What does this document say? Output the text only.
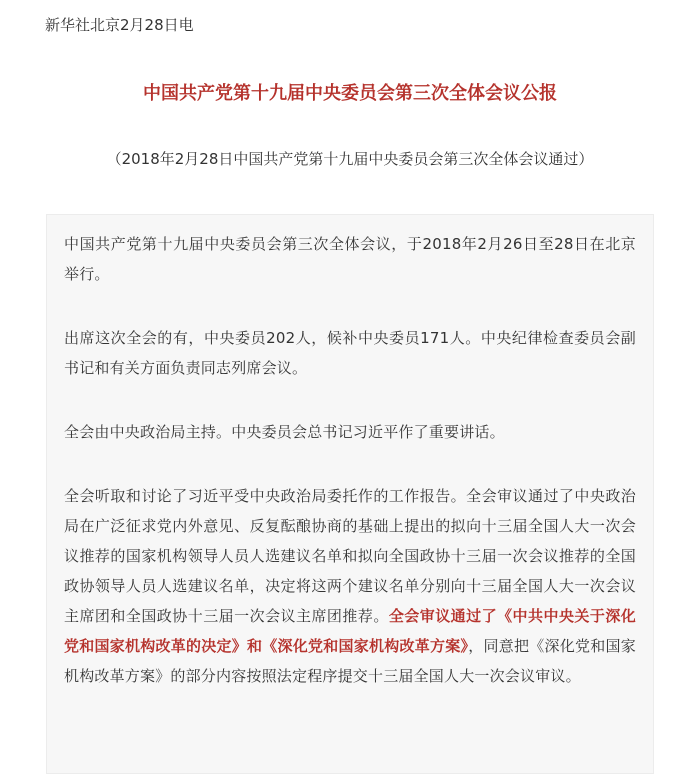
新华社北京2月28日电
中国共产党第十九届中央委员会第三次全体会议公报
（2018年2月28日中国共产党第十九届中央委员会第三次全体会议通过）

中国共产党第十九届中央委员会第三次全体会议，于2018年2月26日至28日在北京举行。

出席这次全会的有，中央委员202人，候补中央委员171人。中央纪律检查委员会副书记和有关方面负责同志列席会议。

全会由中央政治局主持。中央委员会总书记习近平作了重要讲话。

全会听取和讨论了习近平受中央政治局委托作的工作报告。全会审议通过了中央政治局在广泛征求党内外意见、反复酝酿协商的基础上提出的拟向十三届全国人大一次会议推荐的国家机构领导人员人选建议名单和拟向全国政协十三届一次会议推荐的全国政协领导人员人选建议名单，决定将这两个建议名单分别向十三届全国人大一次会议主席团和全国政协十三届一次会议主席团推荐。全会审议通过了《中共中央关于深化党和国家机构改革的决定》和《深化党和国家机构改革方案》，同意把《深化党和国家机构改革方案》的部分内容按照法定程序提交十三届全国人大一次会议审议。
